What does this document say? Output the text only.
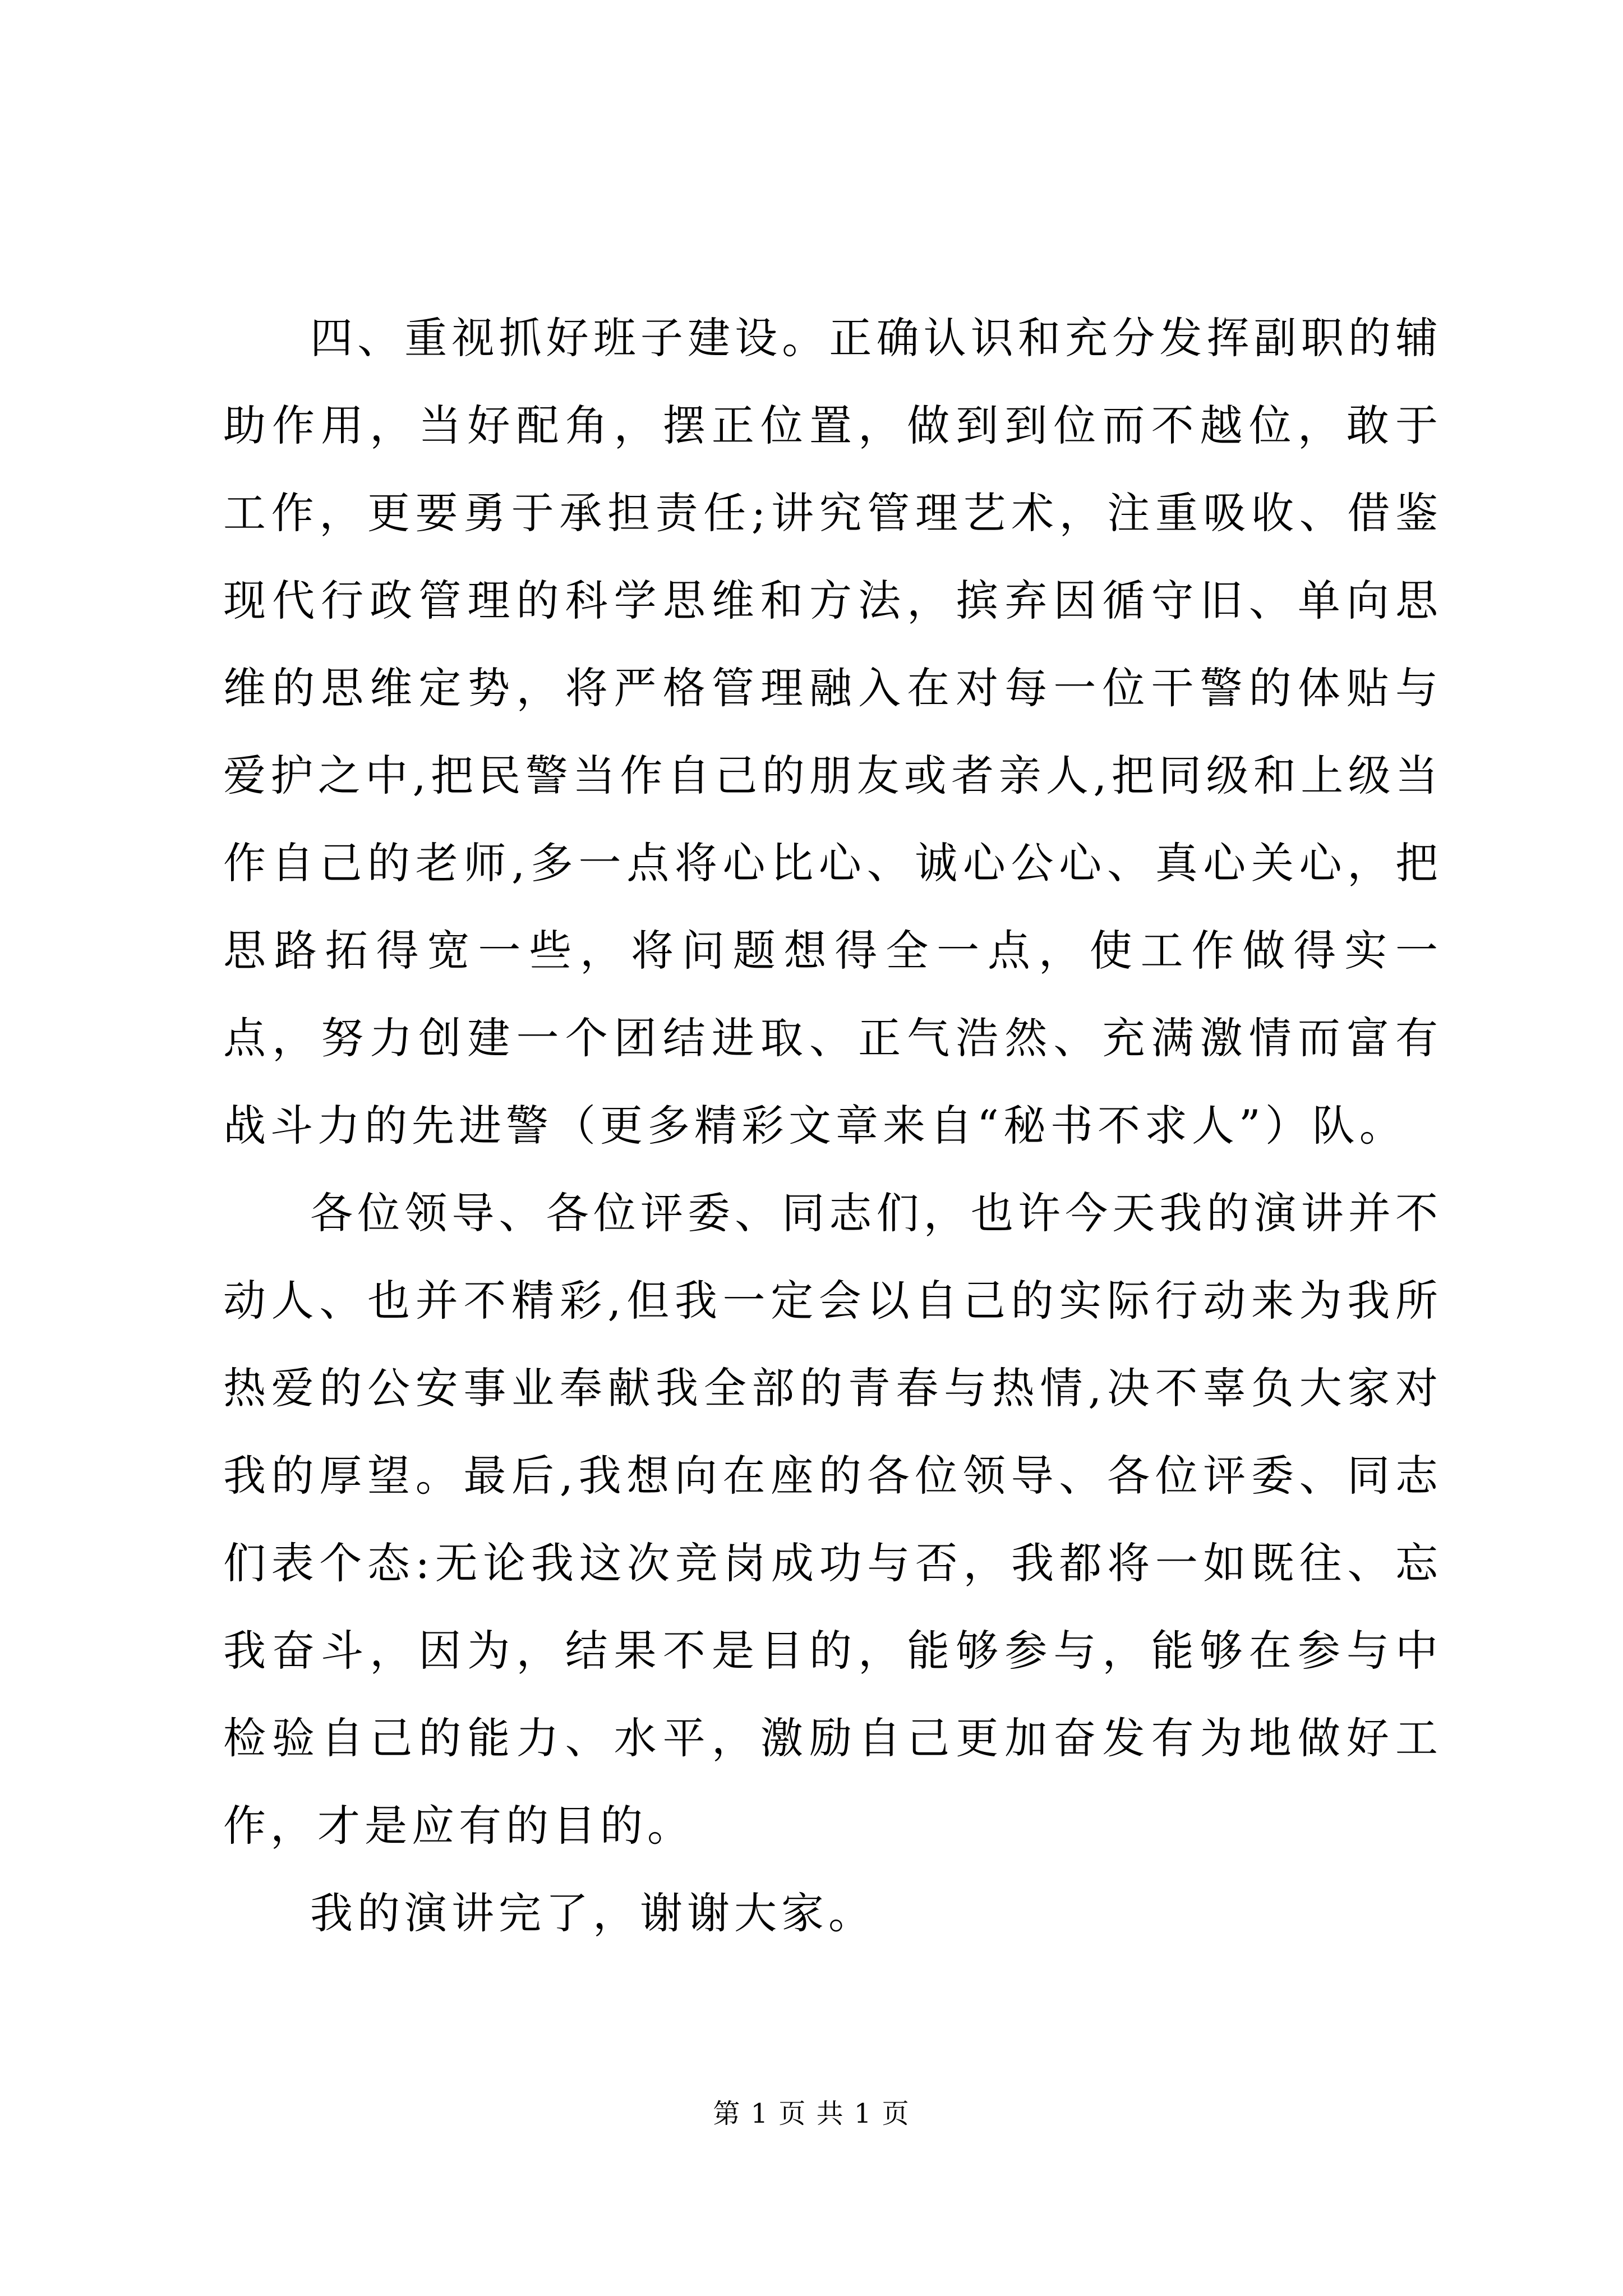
四、重视抓好班子建设。正确认识和充分发挥副职的辅助作用，当好配角，摆正位置，做到到位而不越位，敢于工作，更要勇于承担责任;讲究管理艺术，注重吸收、借鉴现代行政管理的科学思维和方法，摈弃因循守旧、单向思维的思维定势，将严格管理融入在对每一位干警的体贴与爱护之中,把民警当作自己的朋友或者亲人,把同级和上级当作自己的老师,多一点将心比心、诚心公心、真心关心，把思路拓得宽一些，将问题想得全一点，使工作做得实一点，努力创建一个团结进取、正气浩然、充满激情而富有战斗力的先进警（更多精彩文章来自“秘书不求人”）队。

各位领导、各位评委、同志们，也许今天我的演讲并不动人、也并不精彩,但我一定会以自己的实际行动来为我所热爱的公安事业奉献我全部的青春与热情,决不辜负大家对我的厚望。最后,我想向在座的各位领导、各位评委、同志们表个态:无论我这次竞岗成功与否，我都将一如既往、忘我奋斗，因为，结果不是目的，能够参与，能够在参与中检验自己的能力、水平，激励自己更加奋发有为地做好工作，才是应有的目的。

我的演讲完了，谢谢大家。

第 1 页 共 1 页
